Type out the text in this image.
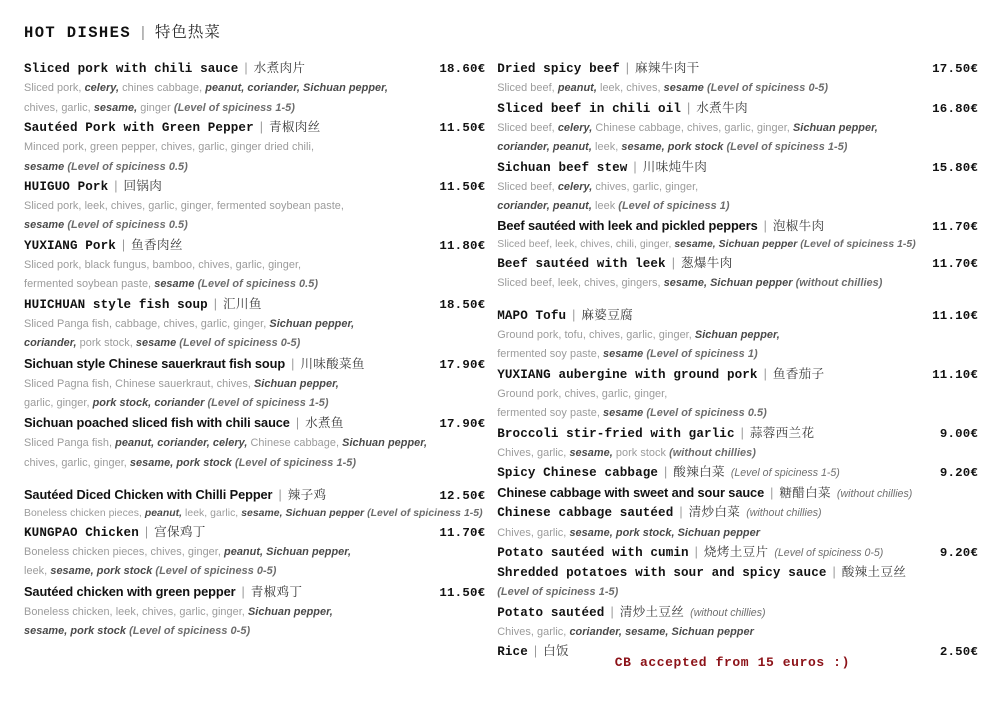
HOT DISHES | 特色热菜
Sliced pork with chili sauce | 水煮肉片	18.60€
Sliced pork, celery, chines cabbage, peanut, coriander, Sichuan pepper,
chives, garlic, sesame, ginger (Level of spiciness 1-5)
Sautéed Pork with Green Pepper | 青椒肉丝	11.50€
Minced pork, green pepper, chives, garlic, ginger dried chili,
sesame (Level of spiciness 0.5)
HUIGUO Pork | 回锅肉	11.50€
Sliced pork, leek, chives, garlic, ginger, fermented soybean paste,
sesame (Level of spiciness 0.5)
YUXIANG Pork | 鱼香肉丝	11.80€
Sliced pork, black fungus, bamboo, chives, garlic, ginger,
fermented soybean paste, sesame (Level of spiciness 0.5)
HUICHUAN style fish soup | 汇川鱼	18.50€
Sliced Panga fish, cabbage, chives, garlic, ginger, Sichuan pepper,
coriander, pork stock, sesame (Level of spiciness 0-5)
Sichuan style Chinese sauerkraut fish soup | 川味酸菜鱼	17.90€
Sliced Pagna fish, Chinese sauerkraut, chives, Sichuan pepper,
garlic, ginger, pork stock, coriander (Level of spiciness 1-5)
Sichuan poached sliced fish with chili sauce | 水煮鱼	17.90€
Sliced Panga fish, peanut, coriander, celery, Chinese cabbage, Sichuan pepper,
chives, garlic, ginger, sesame, pork stock (Level of spiciness 1-5)
Sautéed Diced Chicken with Chilli Pepper | 辣子鸡	12.50€
Boneless chicken pieces, peanut, leek, garlic, sesame, Sichuan pepper (Level of spiciness 1-5)
KUNGPAO Chicken | 宫保鸡丁	11.70€
Boneless chicken pieces, chives, ginger, peanut, Sichuan pepper,
leek, sesame, pork stock (Level of spiciness 0-5)
Sautéed chicken with green pepper | 青椒鸡丁	11.50€
Boneless chicken, leek, chives, garlic, ginger, Sichuan pepper,
sesame, pork stock (Level of spiciness 0-5)
Dried spicy beef | 麻辣牛肉干	17.50€
Sliced beef, peanut, leek, chives, sesame (Level of spiciness 0-5)
Sliced beef in chili oil | 水煮牛肉	16.80€
Sliced beef, celery, Chinese cabbage, chives, garlic, ginger, Sichuan pepper,
coriander, peanut, leek, sesame, pork stock (Level of spiciness 1-5)
Sichuan beef stew | 川味炖牛肉	15.80€
Sliced beef, celery, chives, garlic, ginger,
coriander, peanut, leek (Level of spiciness 1)
Beef sautéed with leek and pickled peppers | 泡椒牛肉	11.70€
Sliced beef, leek, chives, chili, ginger, sesame, Sichuan pepper (Level of spiciness 1-5)
Beef sautéed with leek | 葱爆牛肉	11.70€
Sliced beef, leek, chives, gingers, sesame, Sichuan pepper (without chillies)
MAPO Tofu | 麻婆豆腐	11.10€
Ground pork, tofu, chives, garlic, ginger, Sichuan pepper,
fermented soy paste, sesame (Level of spiciness 1)
YUXIANG aubergine with ground pork | 鱼香茄子	11.10€
Ground pork, chives, garlic, ginger,
fermented soy paste, sesame (Level of spiciness 0.5)
Broccoli stir-fried with garlic | 蒜蓉西兰花	9.00€
Chives, garlic, sesame, pork stock (without chillies)
Spicy Chinese cabbage | 酸辣白菜 (Level of spiciness 1-5)	9.20€
Chinese cabbage with sweet and sour sauce | 糖醋白菜 (without chillies)
Chinese cabbage sautéed | 清炒白菜 (without chillies)
Chives, garlic, sesame, pork stock, Sichuan pepper
Potato sautéed with cumin | 烧烤土豆片 (Level of spiciness 0-5)	9.20€
Shredded potatoes with sour and spicy sauce | 酸辣土豆丝
(Level of spiciness 1-5)
Potato sautéed | 清炒土豆丝 (without chillies)
Chives, garlic, coriander, sesame, Sichuan pepper
Rice | 白饭	2.50€
CB accepted from 15 euros :)
